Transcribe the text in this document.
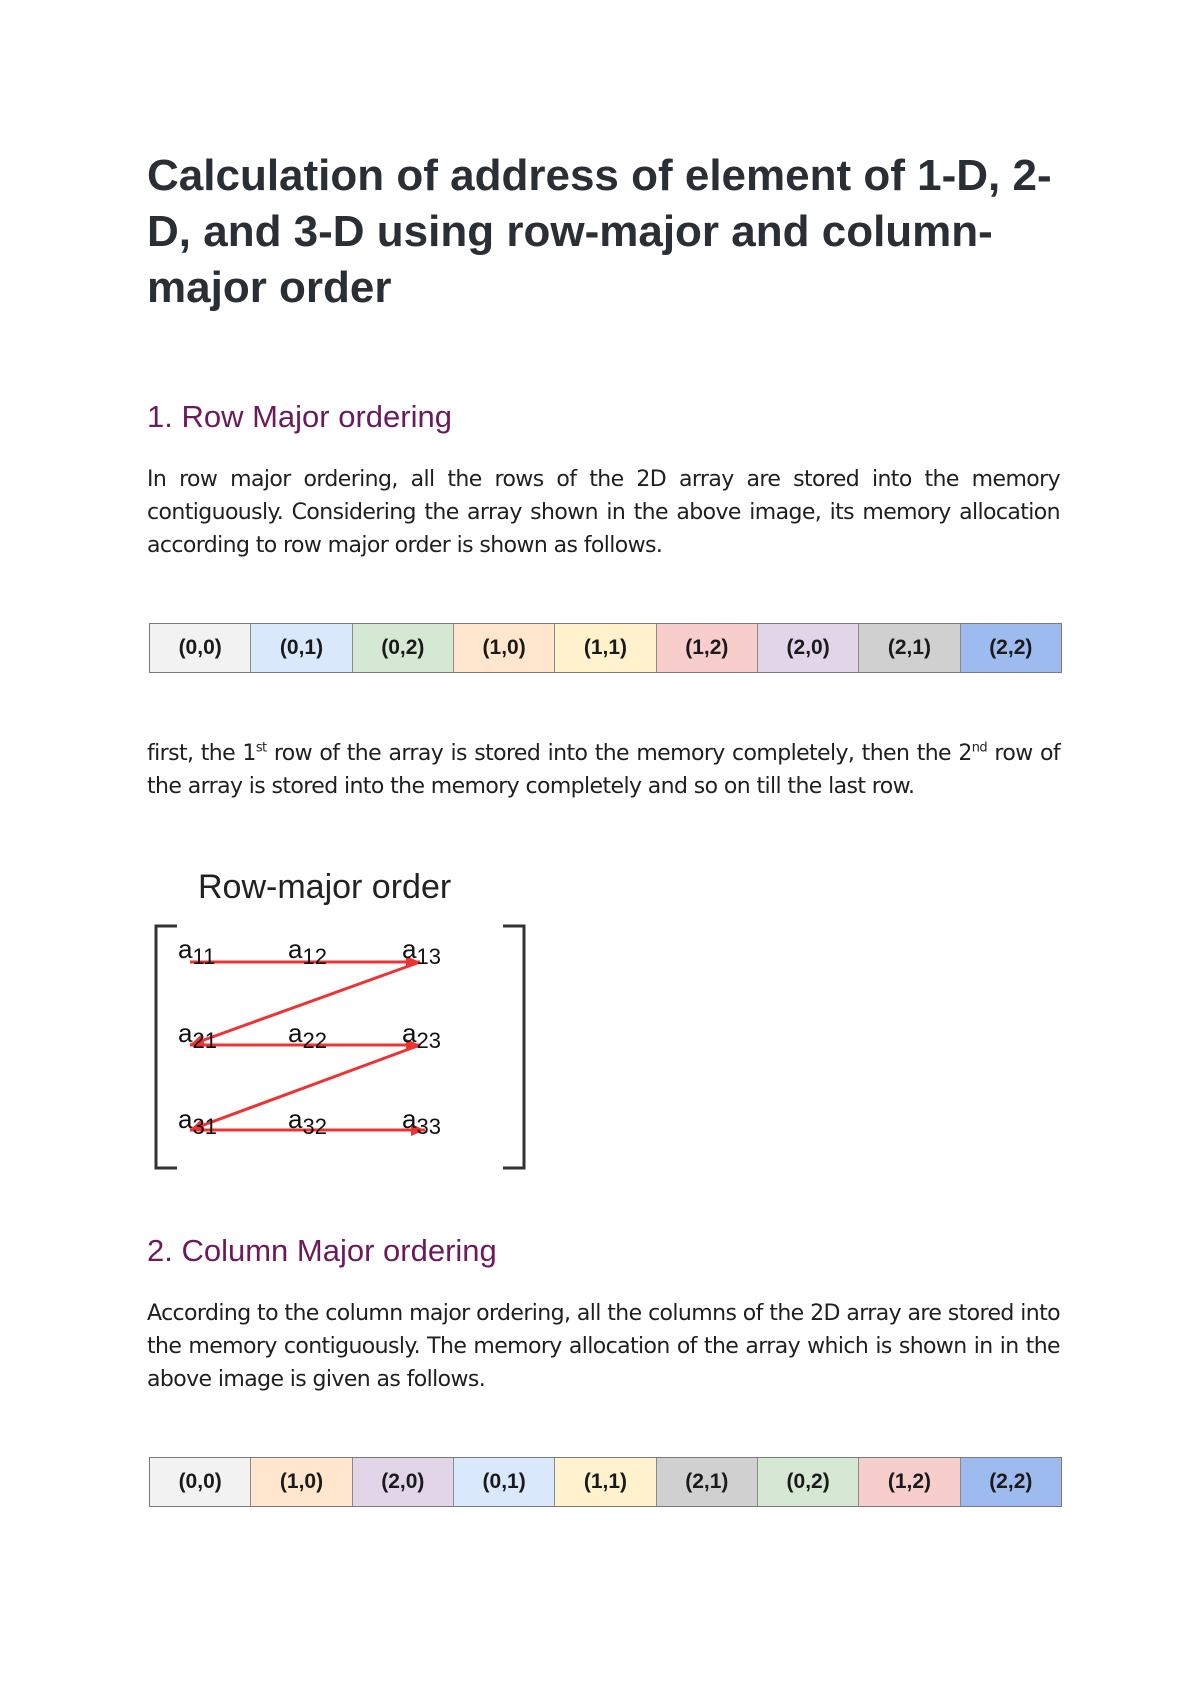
Calculation of address of element of 1-D, 2-D, and 3-D using row-major and column-major order
1. Row Major ordering

In row major ordering, all the rows of the 2D array are stored into the memory contiguously. Considering the array shown in the above image, its memory allocation according to row major order is shown as follows.

(0,0)	(0,1)	(0,2)	(1,0)	(1,1)	(1,2)	(2,0)	(2,1)	(2,2)

first, the 1st row of the array is stored into the memory completely, then the 2nd row of the array is stored into the memory completely and so on till the last row.

Row-major order
$a_{11}$	$a_{12}$	$a_{13}$
$a_{21}$	$a_{22}$	$a_{23}$
$a_{31}$	$a_{32}$	$a_{33}$
2. Column Major ordering

According to the column major ordering, all the columns of the 2D array are stored into the memory contiguously. The memory allocation of the array which is shown in in the above image is given as follows.

(0,0)	(1,0)	(2,0)	(0,1)	(1,1)	(2,1)	(0,2)	(1,2)	(2,2)
